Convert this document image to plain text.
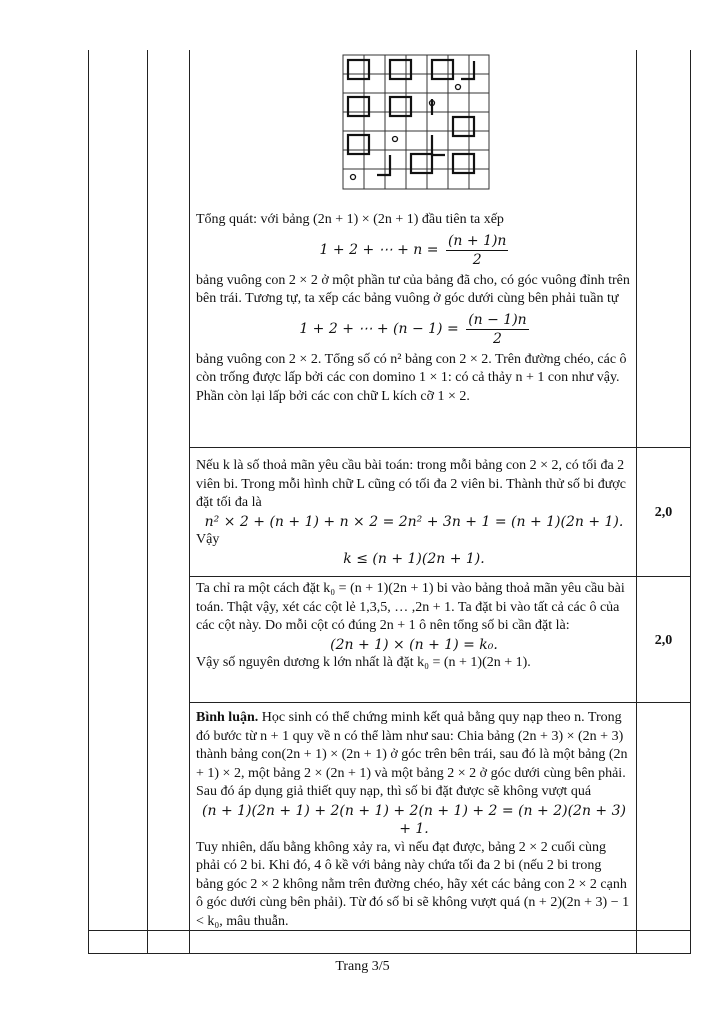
Tổng quát: với bảng (2n + 1) × (2n + 1) đầu tiên ta xếp

1 + 2 + ⋯ + $n = \frac{(n + 1)n}{2}$

bảng vuông con 2 × 2 ở một phần tư của bảng đã cho, có góc vuông đỉnh trên bên trái. Tương tự, ta xếp các bảng vuông ở góc dưới cùng bên phải tuần tự

1 + 2 + ⋯ + $(n - 1) = \frac{(n - 1)n}{2}$

bảng vuông con 2 × 2. Tổng số có n² bảng con 2 × 2. Trên đường chéo, các ô còn trống được lấp bởi các con domino 1 × 1: có cả thảy n + 1 con như vậy. Phần còn lại lấp bởi các con chữ L kích cỡ 1 × 2.

Nếu k là số thoả mãn yêu cầu bài toán: trong mỗi bảng con 2 × 2, có tối đa 2 viên bi. Trong mỗi hình chữ L cũng có tối đa 2 viên bi. Thành thử số bi được đặt tối đa là

n² × 2 + (n + 1) + n × 2 = 2n² + 3n + 1 = (n + 1)(2n + 1).

Vậy

k ≤ (n + 1)(2n + 1).

2,0

Ta chỉ ra một cách đặt k₀ = (n + 1)(2n + 1) bi vào bảng thoả mãn yêu cầu bài toán. Thật vậy, xét các cột lẻ 1,3,5, … ,2n + 1. Ta đặt bi vào tất cả các ô của các cột này. Do mỗi cột có đúng 2n + 1 ô nên tổng số bi cần đặt là:

(2n + 1) × (n + 1) = k₀.

Vậy số nguyên dương k lớn nhất là đặt k₀ = (n + 1)(2n + 1).

2,0

Bình luận. Học sinh có thể chứng minh kết quả bằng quy nạp theo n. Trong đó bước từ n + 1 quy về n có thể làm như sau: Chia bảng (2n + 3) × (2n + 3) thành bảng con(2n + 1) × (2n + 1) ở góc trên bên trái, sau đó là một bảng (2n + 1) × 2, một bảng 2 × (2n + 1) và một bảng 2 × 2 ở góc dưới cùng bên phải. Sau đó áp dụng giả thiết quy nạp, thì số bi đặt được sẽ không vượt quá

(n + 1)(2n + 1) + 2(n + 1) + 2(n + 1) + 2 = (n + 2)(2n + 3) + 1.

Tuy nhiên, dấu bằng không xảy ra, vì nếu đạt được, bảng 2 × 2 cuối cùng phải có 2 bi. Khi đó, 4 ô kề với bảng này chứa tối đa 2 bi (nếu 2 bi trong bảng góc 2 × 2 không nằm trên đường chéo, hãy xét các bảng con 2 × 2 cạnh ô góc dưới cùng bên phải). Từ đó số bi sẽ không vượt quá (n + 2)(2n + 3) − 1 < k₀, mâu thuẫn.

Trang 3/5
